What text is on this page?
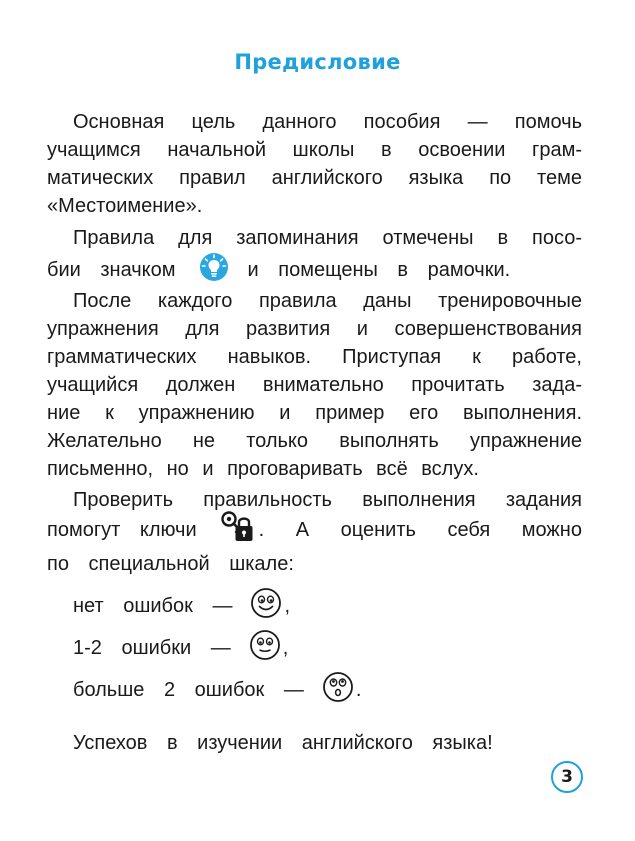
Предисловие
Основная цель данного пособия — помочь
учащимся начальной школы в освоении грам-
матических правил английского языка по теме
«Местоимение».
Правила для запоминания отмечены в посо-
бии значком	и помещены в рамочки.
После каждого правила даны тренировочные
упражнения для развития и совершенствования
грамматических навыков. Приступая к работе,
учащийся должен внимательно прочитать зада-
ние к упражнению и пример его выполнения.
Желательно не только выполнять упражнение
письменно, но и проговаривать всё вслух.
Проверить правильность выполнения задания
помогут ключи	. А оценить себя можно
по специальной шкале:
нет ошибок —	,
1-2 ошибки —	,
больше 2 ошибок —	.
Успехов в изучении английского языка!
3
